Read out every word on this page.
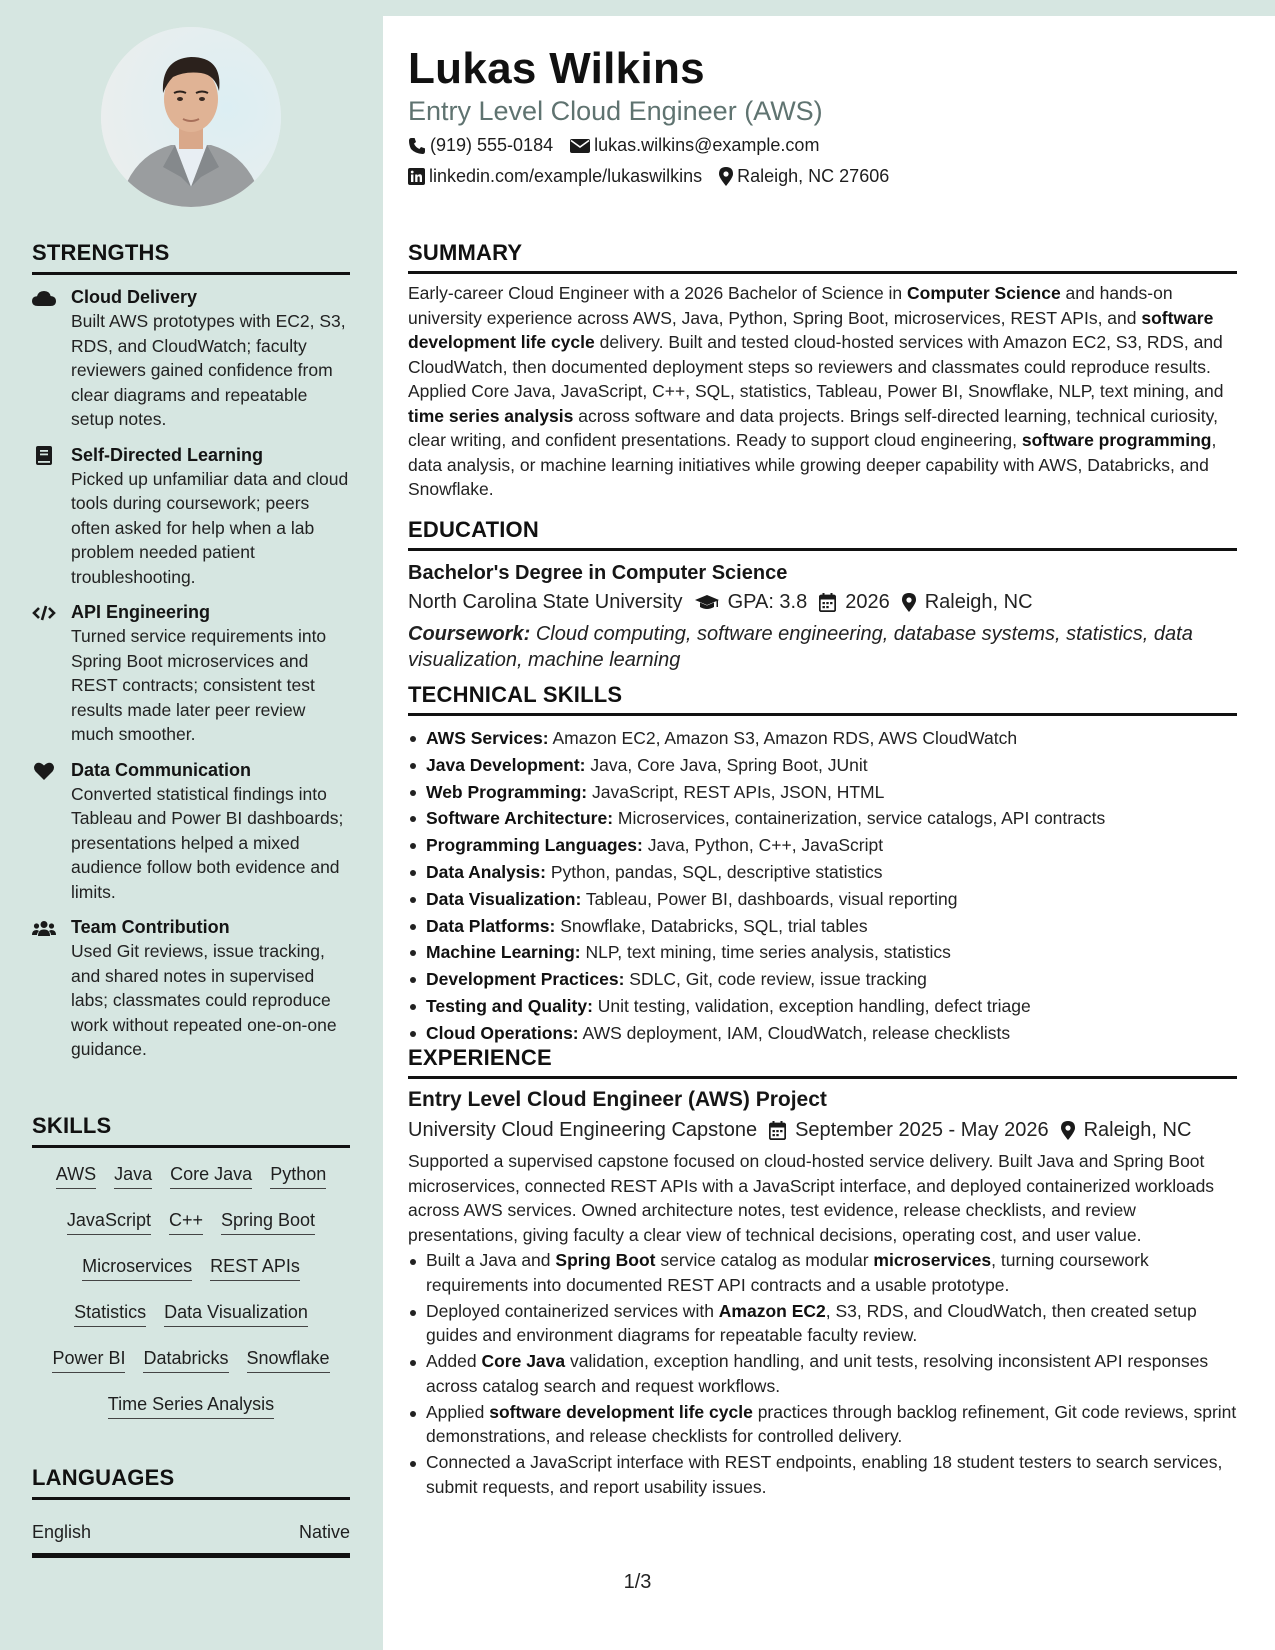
STRENGTHS
Cloud Delivery
Built AWS prototypes with EC2, S3, RDS, and CloudWatch; faculty reviewers gained confidence from clear diagrams and repeatable setup notes.
Self-Directed Learning
Picked up unfamiliar data and cloud tools during coursework; peers often asked for help when a lab problem needed patient troubleshooting.
API Engineering
Turned service requirements into Spring Boot microservices and REST contracts; consistent test results made later peer review much smoother.
Data Communication
Converted statistical findings into Tableau and Power BI dashboards; presentations helped a mixed audience follow both evidence and limits.
Team Contribution
Used Git reviews, issue tracking, and shared notes in supervised labs; classmates could reproduce work without repeated one-on-one guidance.
SKILLS
AWS Java Core Java Python
JavaScript C++ Spring Boot
Microservices REST APIs
Statistics Data Visualization
Power BI Databricks Snowflake
Time Series Analysis
LANGUAGES
English	Native
Lukas Wilkins
Entry Level Cloud Engineer (AWS)
(919) 555-0184 lukas.wilkins@example.com
linkedin.com/example/lukaswilkins Raleigh, NC 27606
SUMMARY

Early-career Cloud Engineer with a 2026 Bachelor of Science in Computer Science and hands-on university experience across AWS, Java, Python, Spring Boot, microservices, REST APIs, and software development life cycle delivery. Built and tested cloud-hosted services with Amazon EC2, S3, RDS, and CloudWatch, then documented deployment steps so reviewers and classmates could reproduce results. Applied Core Java, JavaScript, C++, SQL, statistics, Tableau, Power BI, Snowflake, NLP, text mining, and time series analysis across software and data projects. Brings self-directed learning, technical curiosity, clear writing, and confident presentations. Ready to support cloud engineering, software programming, data analysis, or machine learning initiatives while growing deeper capability with AWS, Databricks, and Snowflake.

EDUCATION
Bachelor's Degree in Computer Science
North Carolina State University GPA: 3.8 2026 Raleigh, NC

Coursework: Cloud computing, software engineering, database systems, statistics, data visualization, machine learning

TECHNICAL SKILLS
AWS Services: Amazon EC2, Amazon S3, Amazon RDS, AWS CloudWatch
Java Development: Java, Core Java, Spring Boot, JUnit
Web Programming: JavaScript, REST APIs, JSON, HTML
Software Architecture: Microservices, containerization, service catalogs, API contracts
Programming Languages: Java, Python, C++, JavaScript
Data Analysis: Python, pandas, SQL, descriptive statistics
Data Visualization: Tableau, Power BI, dashboards, visual reporting
Data Platforms: Snowflake, Databricks, SQL, trial tables
Machine Learning: NLP, text mining, time series analysis, statistics
Development Practices: SDLC, Git, code review, issue tracking
Testing and Quality: Unit testing, validation, exception handling, defect triage
Cloud Operations: AWS deployment, IAM, CloudWatch, release checklists
EXPERIENCE
Entry Level Cloud Engineer (AWS) Project
University Cloud Engineering Capstone September 2025 - May 2026 Raleigh, NC

Supported a supervised capstone focused on cloud-hosted service delivery. Built Java and Spring Boot microservices, connected REST APIs with a JavaScript interface, and deployed containerized workloads across AWS services. Owned architecture notes, test evidence, release checklists, and review presentations, giving faculty a clear view of technical decisions, operating cost, and user value.

Built a Java and Spring Boot service catalog as modular microservices, turning coursework requirements into documented REST API contracts and a usable prototype.
Deployed containerized services with Amazon EC2, S3, RDS, and CloudWatch, then created setup guides and environment diagrams for repeatable faculty review.
Added Core Java validation, exception handling, and unit tests, resolving inconsistent API responses across catalog search and request workflows.
Applied software development life cycle practices through backlog refinement, Git code reviews, sprint demonstrations, and release checklists for controlled delivery.
Connected a JavaScript interface with REST endpoints, enabling 18 student testers to search services, submit requests, and report usability issues.
1/3
